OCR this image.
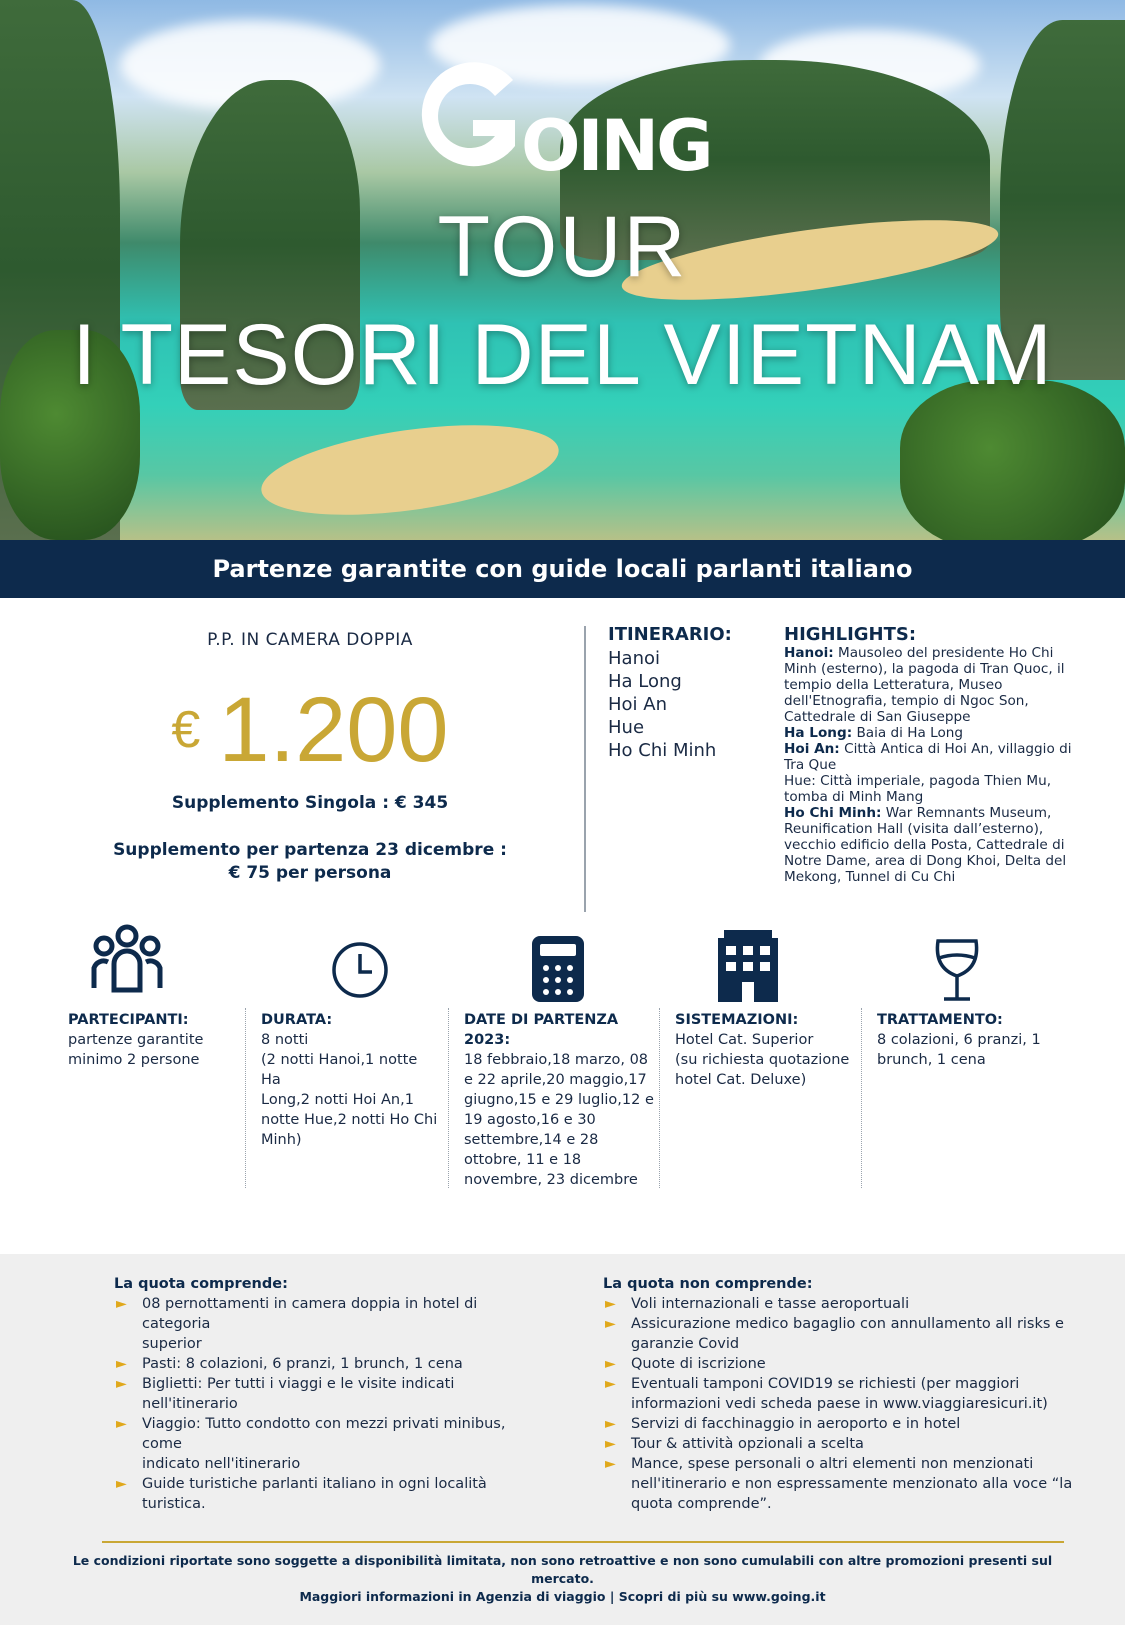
OING
TOUR
I TESORI DEL VIETNAM
Partenze garantite con guide locali parlanti italiano
P.P. IN CAMERA DOPPIA
€ 1.200
Supplemento Singola : € 345
Supplemento per partenza 23 dicembre :
€ 75 per persona
ITINERARIO:
Hanoi
Ha Long
Hoi An
Hue
Ho Chi Minh
HIGHLIGHTS:

Hanoi: Mausoleo del presidente Ho Chi Minh (esterno), la pagoda di Tran Quoc, il tempio della Letteratura, Museo dell'Etnografia, tempio di Ngoc Son, Cattedrale di San Giuseppe

Ha Long: Baia di Ha Long

Hoi An: Città Antica di Hoi An, villaggio di Tra Que

Hue: Città imperiale, pagoda Thien Mu, tomba di Minh Mang

Ho Chi Minh: War Remnants Museum, Reunification Hall (visita dall’esterno), vecchio edificio della Posta, Cattedrale di Notre Dame, area di Dong Khoi, Delta del Mekong, Tunnel di Cu Chi

PARTECIPANTI:
partenze garantite
minimo 2 persone
DURATA:
8 notti
(2 notti Hanoi,1 notte Ha
Long,2 notti Hoi An,1
notte Hue,2 notti Ho Chi
Minh)
DATE DI PARTENZA 2023:
18 febbraio,18 marzo, 08
e 22 aprile,20 maggio,17
giugno,15 e 29 luglio,12 e
19 agosto,16 e 30
settembre,14 e 28
ottobre, 11 e 18
novembre, 23 dicembre
SISTEMAZIONI:
Hotel Cat. Superior
(su richiesta quotazione
hotel Cat. Deluxe)
TRATTAMENTO:
8 colazioni, 6 pranzi, 1
brunch, 1 cena
La quota comprende:
► 08 pernottamenti in camera doppia in hotel di categoria
superior
► Pasti: 8 colazioni, 6 pranzi, 1 brunch, 1 cena
► Biglietti: Per tutti i viaggi e le visite indicati nell'itinerario
► Viaggio: Tutto condotto con mezzi privati minibus, come
indicato nell'itinerario
► Guide turistiche parlanti italiano in ogni località turistica.
La quota non comprende:
► Voli internazionali e tasse aeroportuali
► Assicurazione medico bagaglio con annullamento all risks e
garanzie Covid
► Quote di iscrizione
► Eventuali tamponi COVID19 se richiesti (per maggiori
informazioni vedi scheda paese in www.viaggiaresicuri.it)
► Servizi di facchinaggio in aeroporto e in hotel
► Tour & attività opzionali a scelta
► Mance, spese personali o altri elementi non menzionati
nell'itinerario e non espressamente menzionato alla voce “la
quota comprende”.
Le condizioni riportate sono soggette a disponibilità limitata, non sono retroattive e non sono cumulabili con altre promozioni presenti sul mercato.
Maggiori informazioni in Agenzia di viaggio | Scopri di più su www.going.it
